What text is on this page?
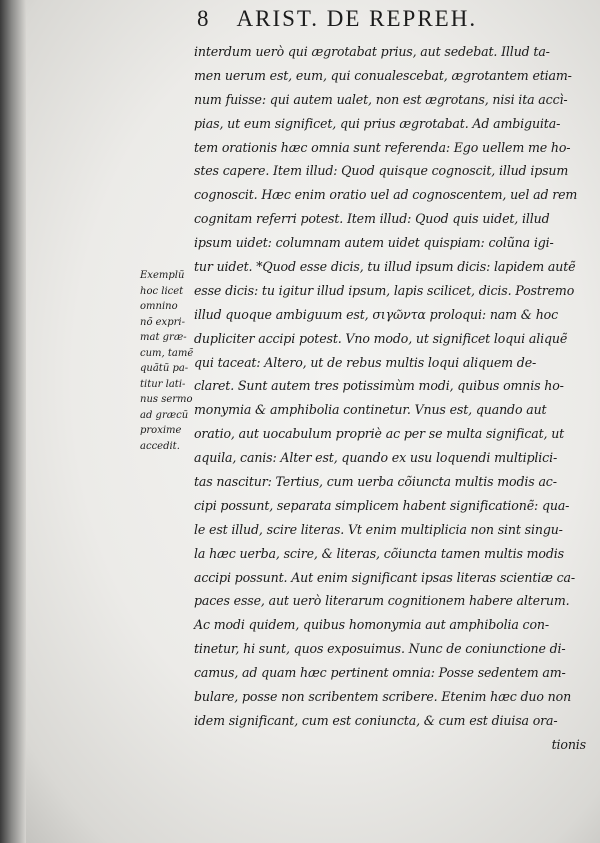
8 ARIST. DE REPREH.
Exemplũ
hoc licet
omnino
nõ expri-
mat græ-
cum, tamẽ
quãtũ pa-
titur lati-
nus sermo
ad græcũ
proxime
accedit.
interdum uerò qui ægrotabat prius, aut sedebat. Illud ta-
men uerum est, eum, qui conualescebat, ægrotantem etiam-
num fuisse: qui autem ualet, non est ægrotans, nisi ita accì-
pias, ut eum significet, qui prius ægrotabat. Ad ambiguita-
tem orationis hæc omnia sunt referenda: Ego uellem me ho-
stes capere. Item illud: Quod quisque cognoscit, illud ipsum
cognoscit. Hæc enim oratio uel ad cognoscentem, uel ad rem
cognitam referri potest. Item illud: Quod quis uidet, illud
ipsum uidet: columnam autem uidet quispiam: colũna igi-
tur uidet. *Quod esse dicis, tu illud ipsum dicis: lapidem autẽ
esse dicis: tu igitur illud ipsum, lapis scilicet, dicis. Postremo
illud quoque ambiguum est, σιγῶντα proloqui: nam & hoc
dupliciter accipi potest. Vno modo, ut significet loqui aliquẽ
qui taceat: Altero, ut de rebus multis loqui aliquem de-
claret. Sunt autem tres potissimùm modi, quibus omnis ho-
monymia & amphibolia continetur. Vnus est, quando aut
oratio, aut uocabulum propriè ac per se multa significat, ut
aquila, canis: Alter est, quando ex usu loquendi multiplici-
tas nascitur: Tertius, cum uerba cõiuncta multis modis ac-
cipi possunt, separata simplicem habent significationẽ: qua-
le est illud, scire literas. Vt enim multiplicia non sint singu-
la hæc uerba, scire, & literas, cõiuncta tamen multis modis
accipi possunt. Aut enim significant ipsas literas scientiæ ca-
paces esse, aut uerò literarum cognitionem habere alterum.
Ac modi quidem, quibus homonymia aut amphibolia con-
tinetur, hi sunt, quos exposuimus. Nunc de coniunctione di-
camus, ad quam hæc pertinent omnia: Posse sedentem am-
bulare, posse non scribentem scribere. Etenim hæc duo non
idem significant, cum est coniuncta, & cum est diuisa ora-
tionis
